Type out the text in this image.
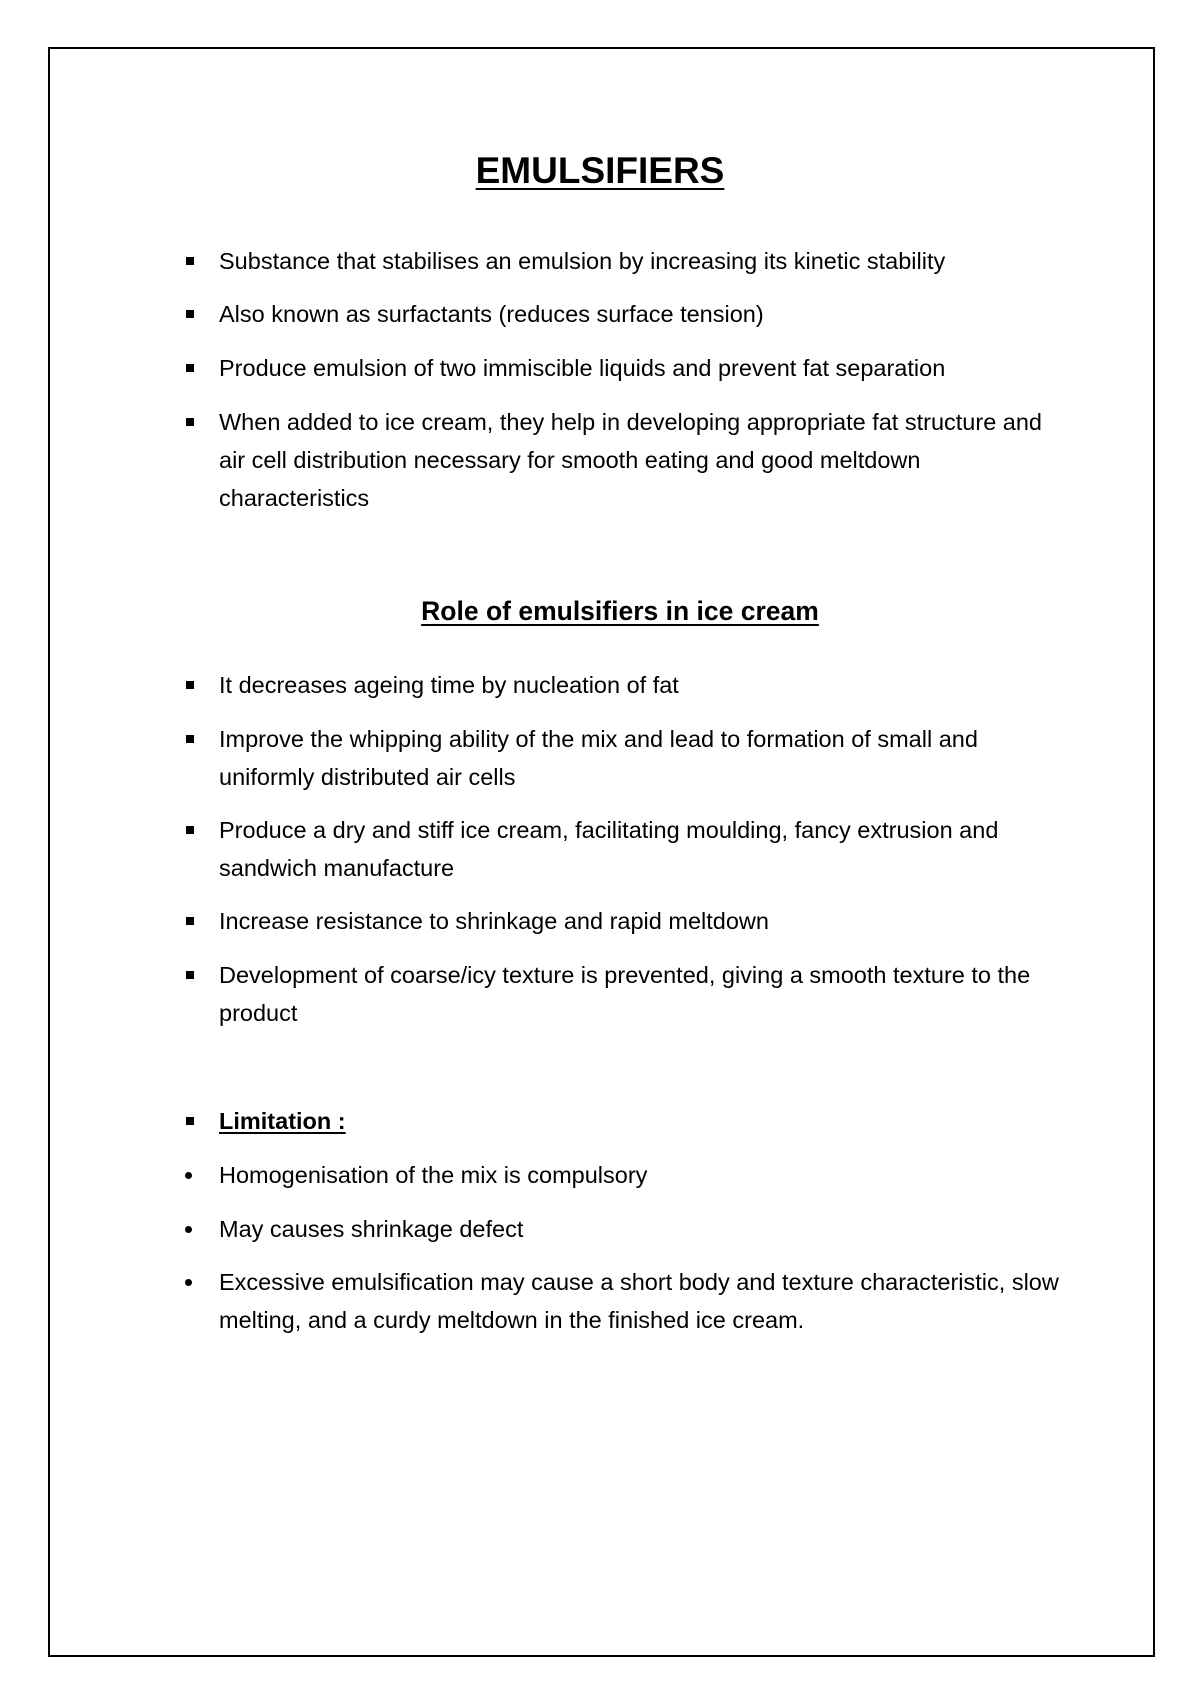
EMULSIFIERS
Substance that stabilises an emulsion by increasing its kinetic stability
Also known as surfactants (reduces surface tension)
Produce emulsion of two immiscible liquids and prevent fat separation
When added to ice cream, they help in developing appropriate fat structure and air cell distribution necessary for smooth eating and good meltdown characteristics
Role of emulsifiers in ice cream
It decreases ageing time by nucleation of fat
Improve the whipping ability of the mix and lead to formation of small and uniformly distributed air cells
Produce a dry and stiff ice cream, facilitating moulding, fancy extrusion and sandwich manufacture
Increase resistance to shrinkage and rapid meltdown
Development of coarse/icy texture is prevented, giving a smooth texture to the product
Limitation :
Homogenisation of the mix is compulsory
May causes shrinkage defect
Excessive emulsification may cause a short body and texture characteristic, slow melting, and a curdy meltdown in the finished ice cream.
